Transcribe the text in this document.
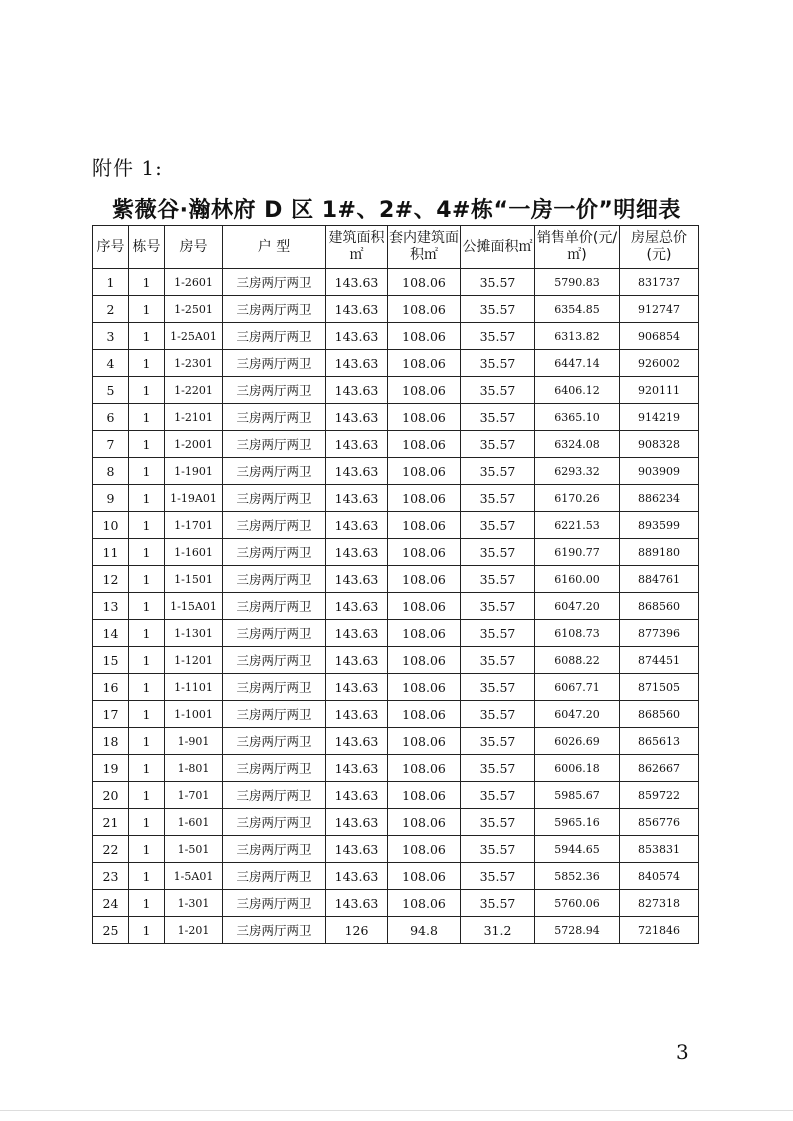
附件 1:
紫薇谷·瀚林府 D 区 1#、2#、4#栋“一房一价”明细表
序号	栋号	房号	户 型	建筑面积㎡	套内建筑面积㎡	公摊面积㎡	销售单价(元/㎡)	房屋总价(元)
1	1	1-2601	三房两厅两卫	143.63	108.06	35.57	5790.83	831737
2	1	1-2501	三房两厅两卫	143.63	108.06	35.57	6354.85	912747
3	1	1-25A01	三房两厅两卫	143.63	108.06	35.57	6313.82	906854
4	1	1-2301	三房两厅两卫	143.63	108.06	35.57	6447.14	926002
5	1	1-2201	三房两厅两卫	143.63	108.06	35.57	6406.12	920111
6	1	1-2101	三房两厅两卫	143.63	108.06	35.57	6365.10	914219
7	1	1-2001	三房两厅两卫	143.63	108.06	35.57	6324.08	908328
8	1	1-1901	三房两厅两卫	143.63	108.06	35.57	6293.32	903909
9	1	1-19A01	三房两厅两卫	143.63	108.06	35.57	6170.26	886234
10	1	1-1701	三房两厅两卫	143.63	108.06	35.57	6221.53	893599
11	1	1-1601	三房两厅两卫	143.63	108.06	35.57	6190.77	889180
12	1	1-1501	三房两厅两卫	143.63	108.06	35.57	6160.00	884761
13	1	1-15A01	三房两厅两卫	143.63	108.06	35.57	6047.20	868560
14	1	1-1301	三房两厅两卫	143.63	108.06	35.57	6108.73	877396
15	1	1-1201	三房两厅两卫	143.63	108.06	35.57	6088.22	874451
16	1	1-1101	三房两厅两卫	143.63	108.06	35.57	6067.71	871505
17	1	1-1001	三房两厅两卫	143.63	108.06	35.57	6047.20	868560
18	1	1-901	三房两厅两卫	143.63	108.06	35.57	6026.69	865613
19	1	1-801	三房两厅两卫	143.63	108.06	35.57	6006.18	862667
20	1	1-701	三房两厅两卫	143.63	108.06	35.57	5985.67	859722
21	1	1-601	三房两厅两卫	143.63	108.06	35.57	5965.16	856776
22	1	1-501	三房两厅两卫	143.63	108.06	35.57	5944.65	853831
23	1	1-5A01	三房两厅两卫	143.63	108.06	35.57	5852.36	840574
24	1	1-301	三房两厅两卫	143.63	108.06	35.57	5760.06	827318
25	1	1-201	三房两厅两卫	126	94.8	31.2	5728.94	721846
3
